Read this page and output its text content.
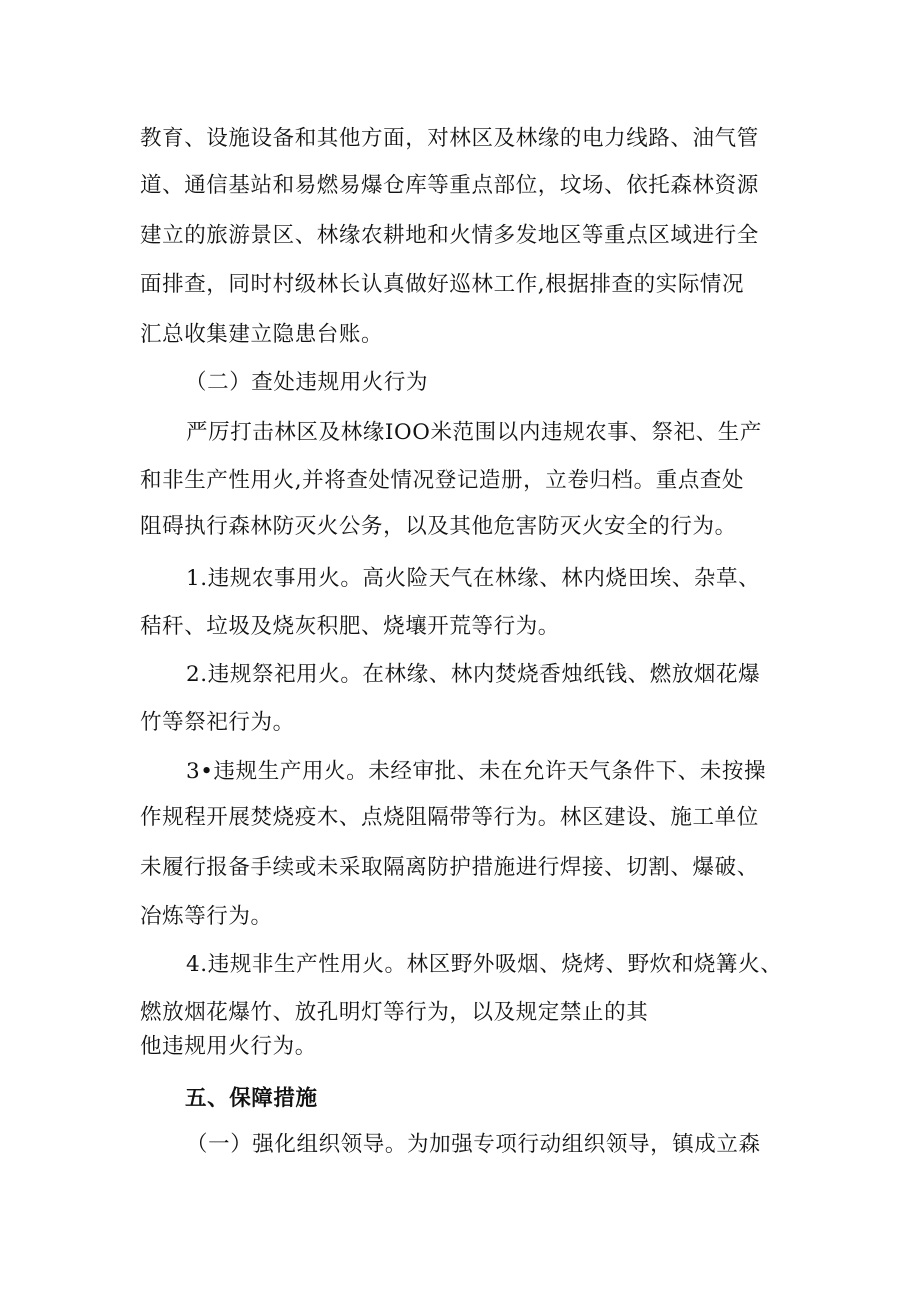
教育、设施设备和其他方面，对林区及林缘的电力线路、油气管
道、通信基站和易燃易爆仓库等重点部位，坟场、依托森林资源
建立的旅游景区、林缘农耕地和火情多发地区等重点区域进行全
面排查，同时村级林长认真做好巡林工作,根据排查的实际情况
汇总收集建立隐患台账。
（二）查处违规用火行为
严厉打击林区及林缘IOO米范围以内违规农事、祭祀、生产
和非生产性用火,并将查处情况登记造册，立卷归档。重点查处
阻碍执行森林防灭火公务，以及其他危害防灭火安全的行为。
1.违规农事用火。高火险天气在林缘、林内烧田埃、杂草、
秸秆、垃圾及烧灰积肥、烧壤开荒等行为。
2.违规祭祀用火。在林缘、林内焚烧香烛纸钱、燃放烟花爆
竹等祭祀行为。
3•违规生产用火。未经审批、未在允许天气条件下、未按操
作规程开展焚烧疫木、点烧阻隔带等行为。林区建设、施工单位
未履行报备手续或未采取隔离防护措施进行焊接、切割、爆破、
冶炼等行为。
4.违规非生产性用火。林区野外吸烟、烧烤、野炊和烧篝火、
燃放烟花爆竹、放孔明灯等行为，以及规定禁止的其
他违规用火行为。
五、保障措施
（一）强化组织领导。为加强专项行动组织领导，镇成立森
